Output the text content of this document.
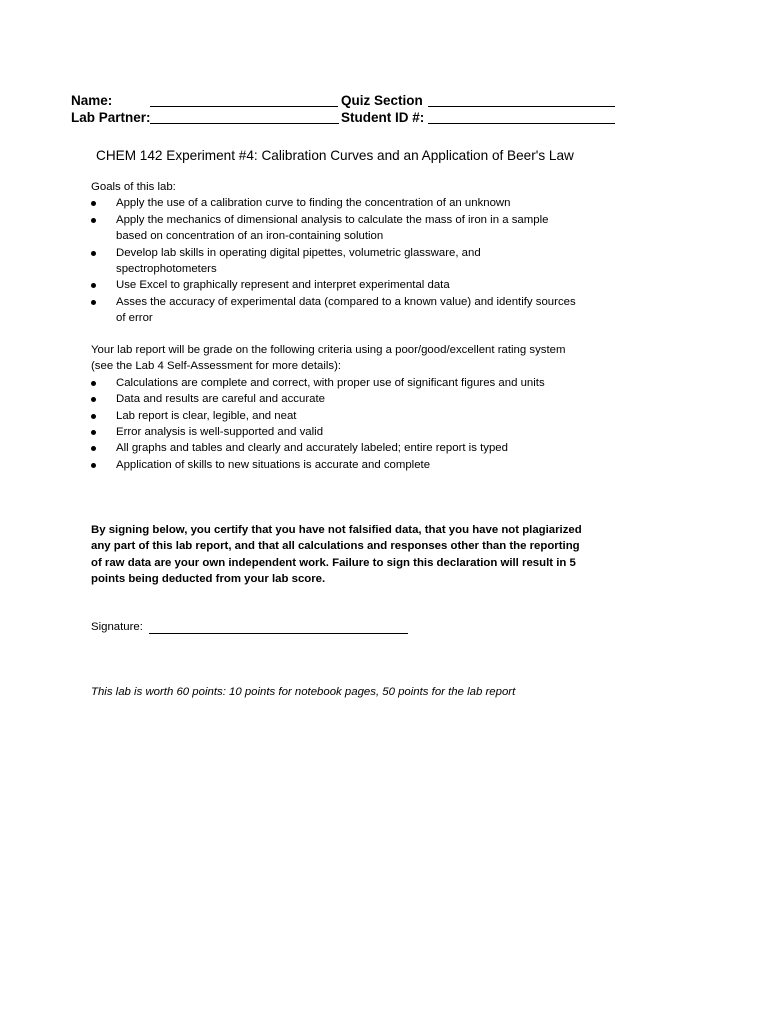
Name:	Quiz Section
Lab Partner:	Student ID #:
CHEM 142 Experiment #4: Calibration Curves and an Application of Beer's Law

Goals of this lab:

Apply the use of a calibration curve to finding the concentration of an unknown
Apply the mechanics of dimensional analysis to calculate the mass of iron in a sample based on concentration of an iron-containing solution
Develop lab skills in operating digital pipettes, volumetric glassware, and spectrophotometers
Use Excel to graphically represent and interpret experimental data
Asses the accuracy of experimental data (compared to a known value) and identify sources of error

Your lab report will be grade on the following criteria using a poor/good/excellent rating system (see the Lab 4 Self-Assessment for more details):

Calculations are complete and correct, with proper use of significant figures and units
Data and results are careful and accurate
Lab report is clear, legible, and neat
Error analysis is well-supported and valid
All graphs and tables and clearly and accurately labeled; entire report is typed
Application of skills to new situations is accurate and complete
By signing below, you certify that you have not falsified data, that you have not plagiarized any part of this lab report, and that all calculations and responses other than the reporting of raw data are your own independent work. Failure to sign this declaration will result in 5 points being deducted from your lab score.
Signature:
This lab is worth 60 points: 10 points for notebook pages, 50 points for the lab report
